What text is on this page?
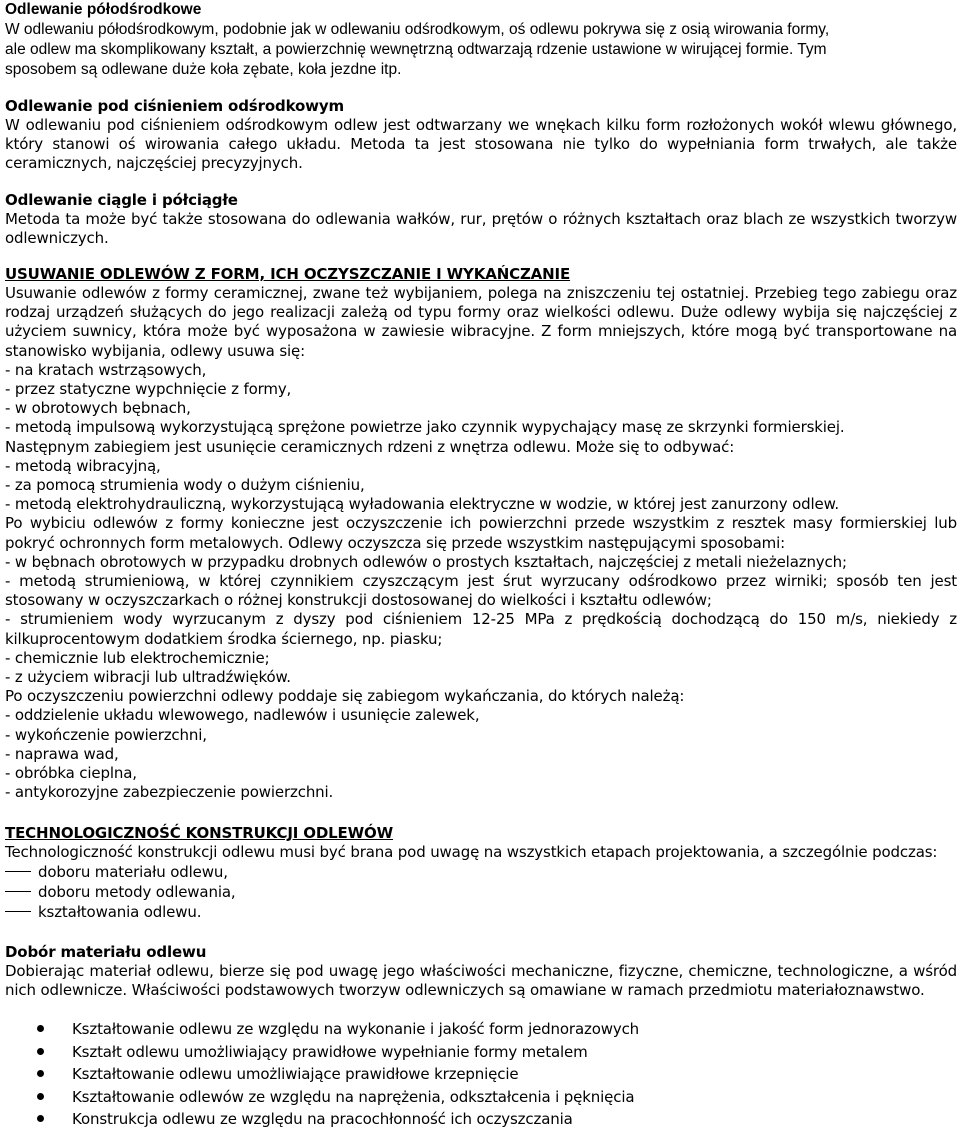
Odlewanie półodśrodkowe

W odlewaniu półodśrodkowym, podobnie jak w odlewaniu odśrodkowym, oś odlewu pokrywa się z osią wirowania formy,

ale odlew ma skomplikowany kształt, a powierzchnię wewnętrzną odtwarzają rdzenie ustawione w wirującej formie. Tym

sposobem są odlewane duże koła zębate, koła jezdne itp.

Odlewanie pod ciśnieniem odśrodkowym

W odlewaniu pod ciśnieniem odśrodkowym odlew jest odtwarzany we wnękach kilku form rozłożonych wokół wlewu głównego, który stanowi oś wirowania całego układu. Metoda ta jest stosowana nie tylko do wypełniania form trwałych, ale także ceramicznych, najczęściej precyzyjnych.

Odlewanie ciągle i półciągłe

Metoda ta może być także stosowana do odlewania wałków, rur, prętów o różnych kształtach oraz blach ze wszystkich tworzyw odlewniczych.

USUWANIE ODLEWÓW Z FORM, ICH OCZYSZCZANIE I WYKAŃCZANIE

Usuwanie odlewów z formy ceramicznej, zwane też wybijaniem, polega na zniszczeniu tej ostatniej. Przebieg tego zabiegu oraz rodzaj urządzeń służących do jego realizacji zależą od typu formy oraz wielkości odlewu. Duże odlewy wybija się najczęściej z użyciem suwnicy, która może być wyposażona w zawiesie wibracyjne. Z form mniejszych, które mogą być transportowane na stanowisko wybijania, odlewy usuwa się:

- na kratach wstrząsowych,

- przez statyczne wypchnięcie z formy,

- w obrotowych bębnach,

- metodą impulsową wykorzystującą sprężone powietrze jako czynnik wypychający masę ze skrzynki formierskiej.

Następnym zabiegiem jest usunięcie ceramicznych rdzeni z wnętrza odlewu. Może się to odbywać:

- metodą wibracyjną,

- za pomocą strumienia wody o dużym ciśnieniu,

- metodą elektrohydrauliczną, wykorzystującą wyładowania elektryczne w wodzie, w której jest zanurzony odlew.

Po wybiciu odlewów z formy konieczne jest oczyszczenie ich powierzchni przede wszystkim z resztek masy formierskiej lub pokryć ochronnych form metalowych. Odlewy oczyszcza się przede wszystkim następującymi sposobami:

- w bębnach obrotowych w przypadku drobnych odlewów o prostych kształtach, najczęściej z metali nieżelaznych;

- metodą strumieniową, w której czynnikiem czyszczącym jest śrut wyrzucany odśrodkowo przez wirniki; sposób ten jest stosowany w oczyszczarkach o różnej konstrukcji dostosowanej do wielkości i kształtu odlewów;

- strumieniem wody wyrzucanym z dyszy pod ciśnieniem 12-25 MPa z prędkością dochodzącą do 150 m/s, niekiedy z kilkuprocentowym dodatkiem środka ściernego, np. piasku;

- chemicznie lub elektrochemicznie;

- z użyciem wibracji lub ultradźwięków.

Po oczyszczeniu powierzchni odlewy poddaje się zabiegom wykańczania, do których należą:

- oddzielenie układu wlewowego, nadlewów i usunięcie zalewek,

- wykończenie powierzchni,

- naprawa wad,

- obróbka cieplna,

- antykorozyjne zabezpieczenie powierzchni.

TECHNOLOGICZNOŚĆ KONSTRUKCJI ODLEWÓW

Technologiczność konstrukcji odlewu musi być brana pod uwagę na wszystkich etapach projektowania, a szczególnie podczas:

doboru materiału odlewu,
doboru metody odlewania,
kształtowania odlewu.

Dobór materiału odlewu

Dobierając materiał odlewu, bierze się pod uwagę jego właściwości mechaniczne, fizyczne, chemiczne, technologiczne, a wśród nich odlewnicze. Właściwości podstawowych tworzyw odlewniczych są omawiane w ramach przedmiotu materiałoznawstwo.

Kształtowanie odlewu ze względu na wykonanie i jakość form jednorazowych
Kształt odlewu umożliwiający prawidłowe wypełnianie formy metalem
Kształtowanie odlewu umożliwiające prawidłowe krzepnięcie
Kształtowanie odlewów ze względu na naprężenia, odkształcenia i pęknięcia
Konstrukcja odlewu ze względu na pracochłonność ich oczyszczania
